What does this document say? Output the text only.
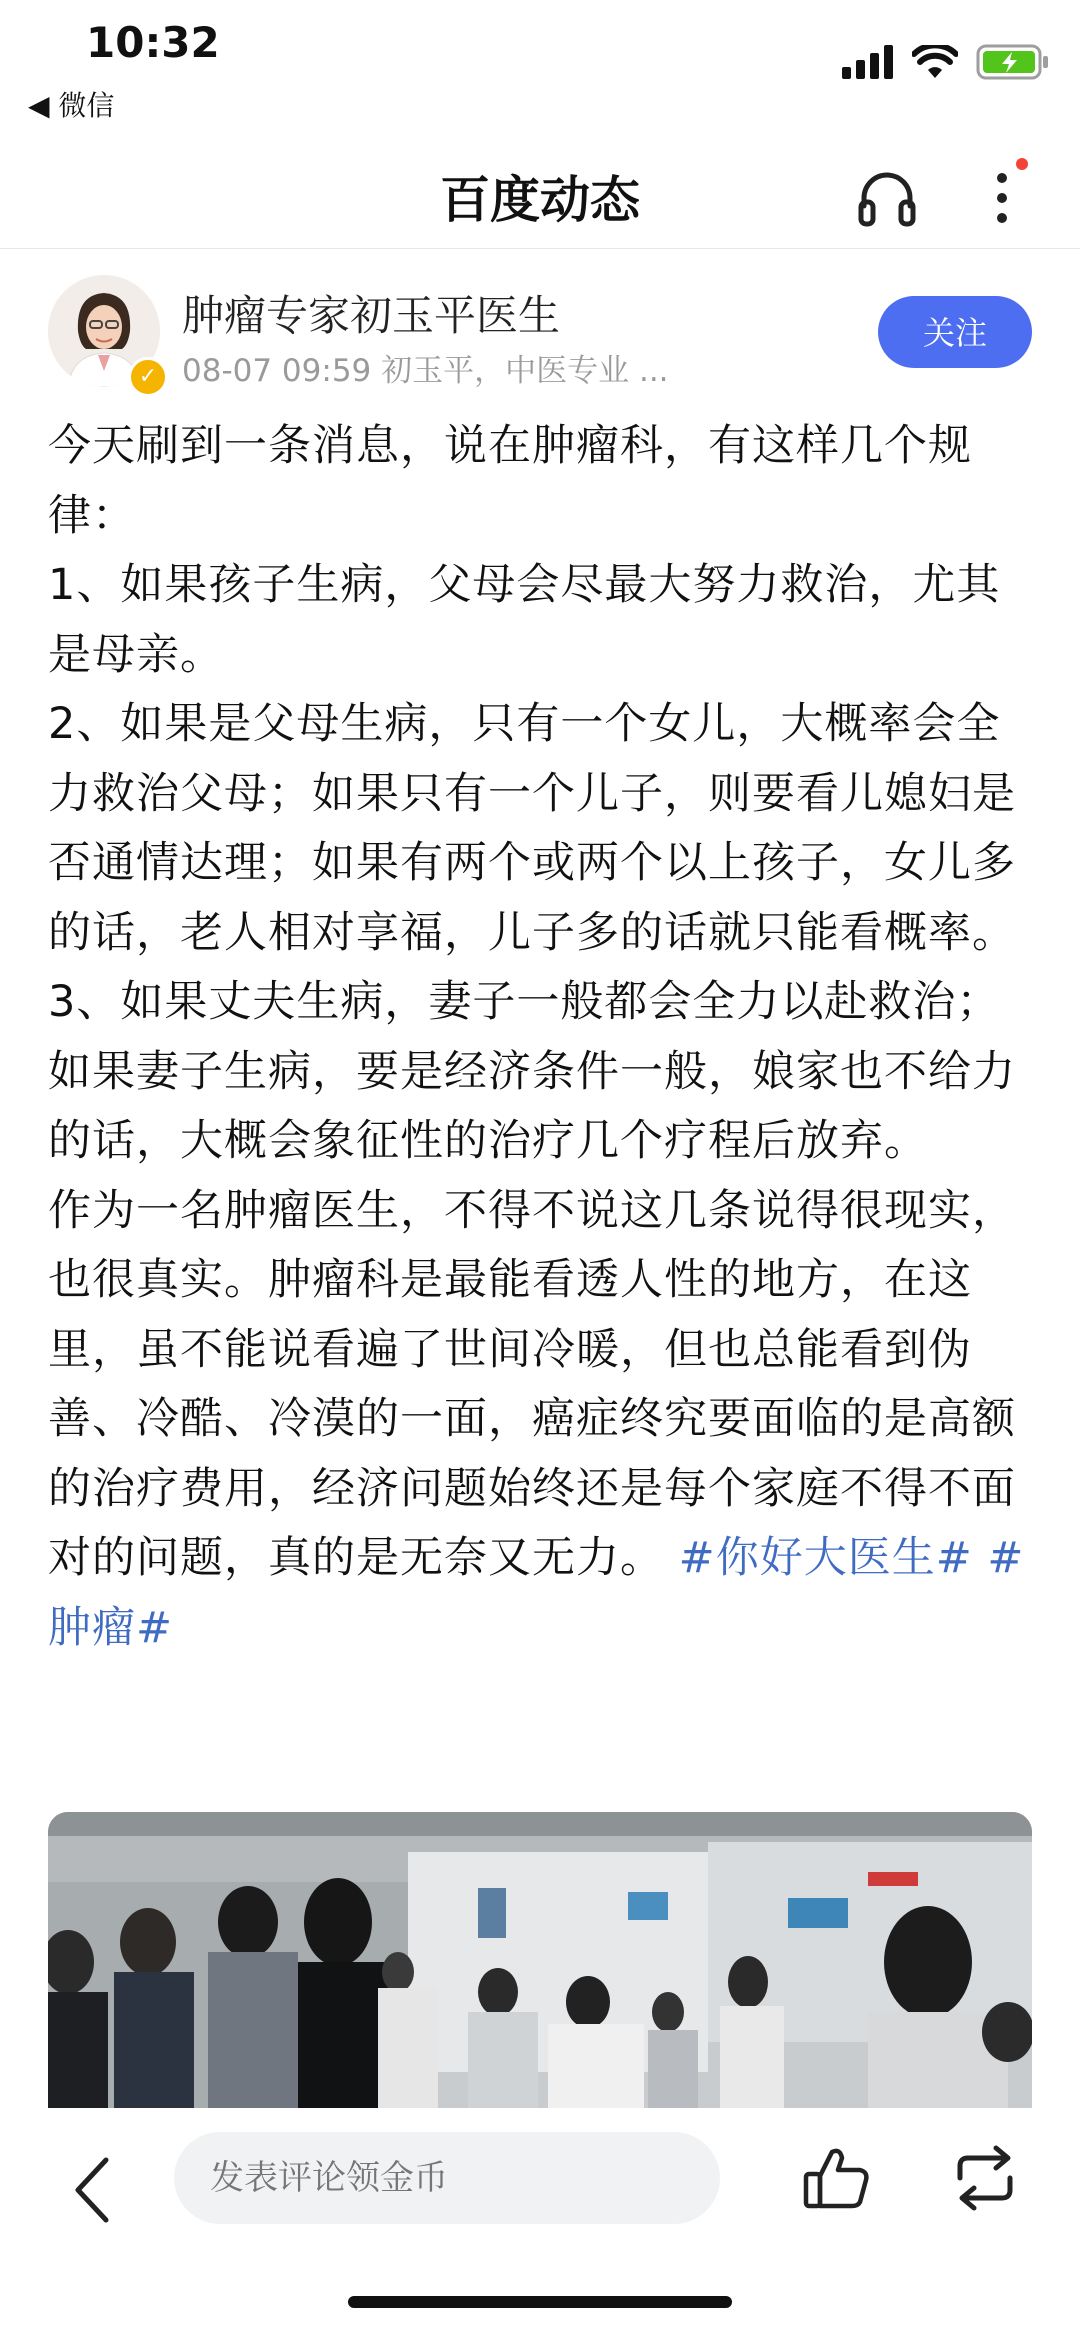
10:32
◀ 微信
百度动态
✓
肿瘤专家初玉平医生
08-07 09:59 初玉平，中医专业 ...
关注

今天刷到一条消息，说在肿瘤科，有这样几个规律：

1、如果孩子生病，父母会尽最大努力救治，尤其是母亲。

2、如果是父母生病，只有一个女儿，大概率会全力救治父母；如果只有一个儿子，则要看儿媳妇是否通情达理；如果有两个或两个以上孩子，女儿多的话，老人相对享福，儿子多的话就只能看概率。

3、如果丈夫生病，妻子一般都会全力以赴救治；如果妻子生病，要是经济条件一般，娘家也不给力的话，大概会象征性的治疗几个疗程后放弃。

作为一名肿瘤医生，不得不说这几条说得很现实，也很真实。肿瘤科是最能看透人性的地方，在这里，虽不能说看遍了世间冷暖，但也总能看到伪善、冷酷、冷漠的一面，癌症终究要面临的是高额的治疗费用，经济问题始终还是每个家庭不得不面对的问题，真的是无奈又无力。 #你好大医生# #肿瘤#

发表评论领金币
